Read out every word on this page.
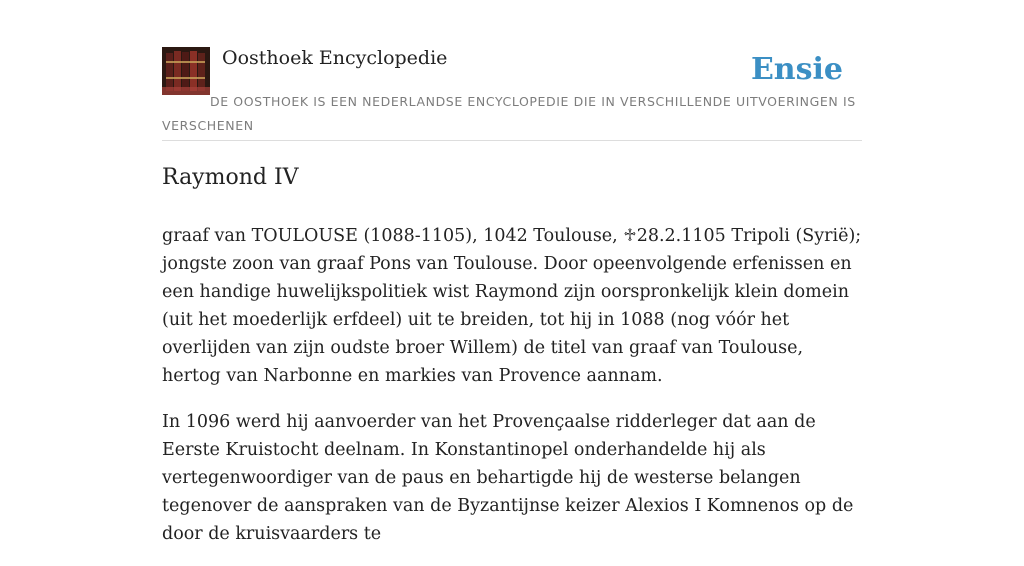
Oosthoek Encyclopedie	Ensie
DE OOSTHOEK IS EEN NEDERLANDSE ENCYCLOPEDIE DIE IN VERSCHILLENDE UITVOERINGEN IS VERSCHENEN
Raymond IV

graaf van TOULOUSE (1088-1105), 1042 Toulouse, ♱28.2.1105 Tripoli (Syrië); jongste zoon van graaf Pons van Toulouse. Door opeenvolgende erfenissen en een handige huwelijkspolitiek wist Raymond zijn oorspronkelijk klein domein (uit het moederlijk erfdeel) uit te breiden, tot hij in 1088 (nog vóór het overlijden van zijn oudste broer Willem) de titel van graaf van Toulouse, hertog van Narbonne en markies van Provence aannam.

In 1096 werd hij aanvoerder van het Provençaalse ridderleger dat aan de Eerste Kruistocht deelnam. In Konstantinopel onderhandelde hij als vertegenwoordiger van de paus en behartigde hij de westerse belangen tegenover de aanspraken van de Byzantijnse keizer Alexios I Komnenos op de door de kruisvaarders te
